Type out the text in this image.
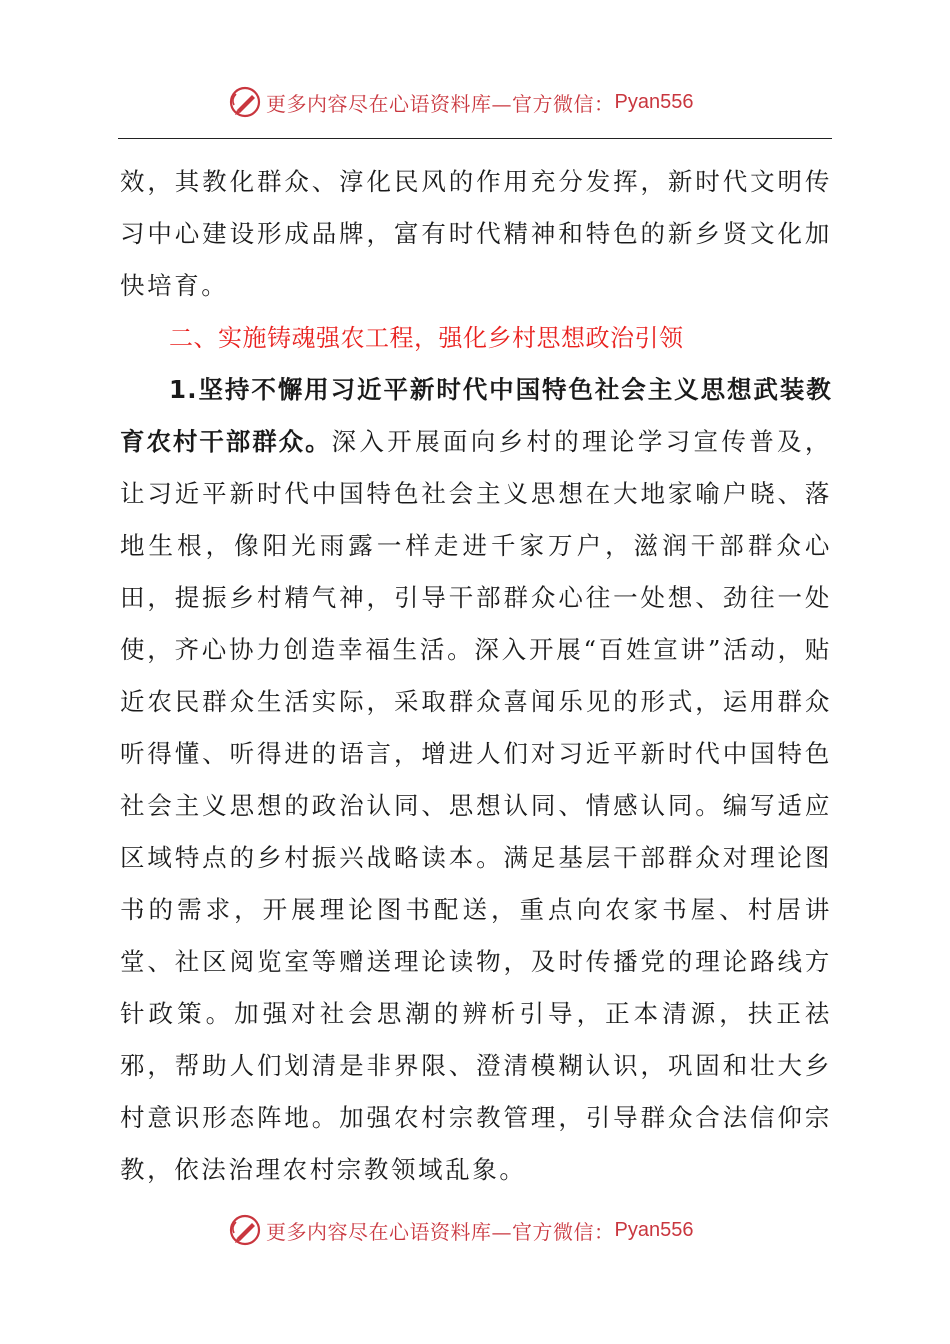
更多内容尽在心语资料库—官方微信： Pyan556

效，其教化群众、淳化民风的作用充分发挥，新时代文明传习中心建设形成品牌，富有时代精神和特色的新乡贤文化加快培育。

二、实施铸魂强农工程，强化乡村思想政治引领

1.坚持不懈用习近平新时代中国特色社会主义思想武装教育农村干部群众。深入开展面向乡村的理论学习宣传普及，让习近平新时代中国特色社会主义思想在大地家喻户晓、落地生根，像阳光雨露一样走进千家万户，滋润干部群众心田，提振乡村精气神，引导干部群众心往一处想、劲往一处使，齐心协力创造幸福生活。深入开展“百姓宣讲”活动，贴近农民群众生活实际，采取群众喜闻乐见的形式，运用群众听得懂、听得进的语言，增进人们对习近平新时代中国特色社会主义思想的政治认同、思想认同、情感认同。编写适应区域特点的乡村振兴战略读本。满足基层干部群众对理论图书的需求，开展理论图书配送，重点向农家书屋、村居讲堂、社区阅览室等赠送理论读物，及时传播党的理论路线方针政策。加强对社会思潮的辨析引导，正本清源，扶正祛邪，帮助人们划清是非界限、澄清模糊认识，巩固和壮大乡村意识形态阵地。加强农村宗教管理，引导群众合法信仰宗教，依法治理农村宗教领域乱象。

更多内容尽在心语资料库—官方微信： Pyan556
